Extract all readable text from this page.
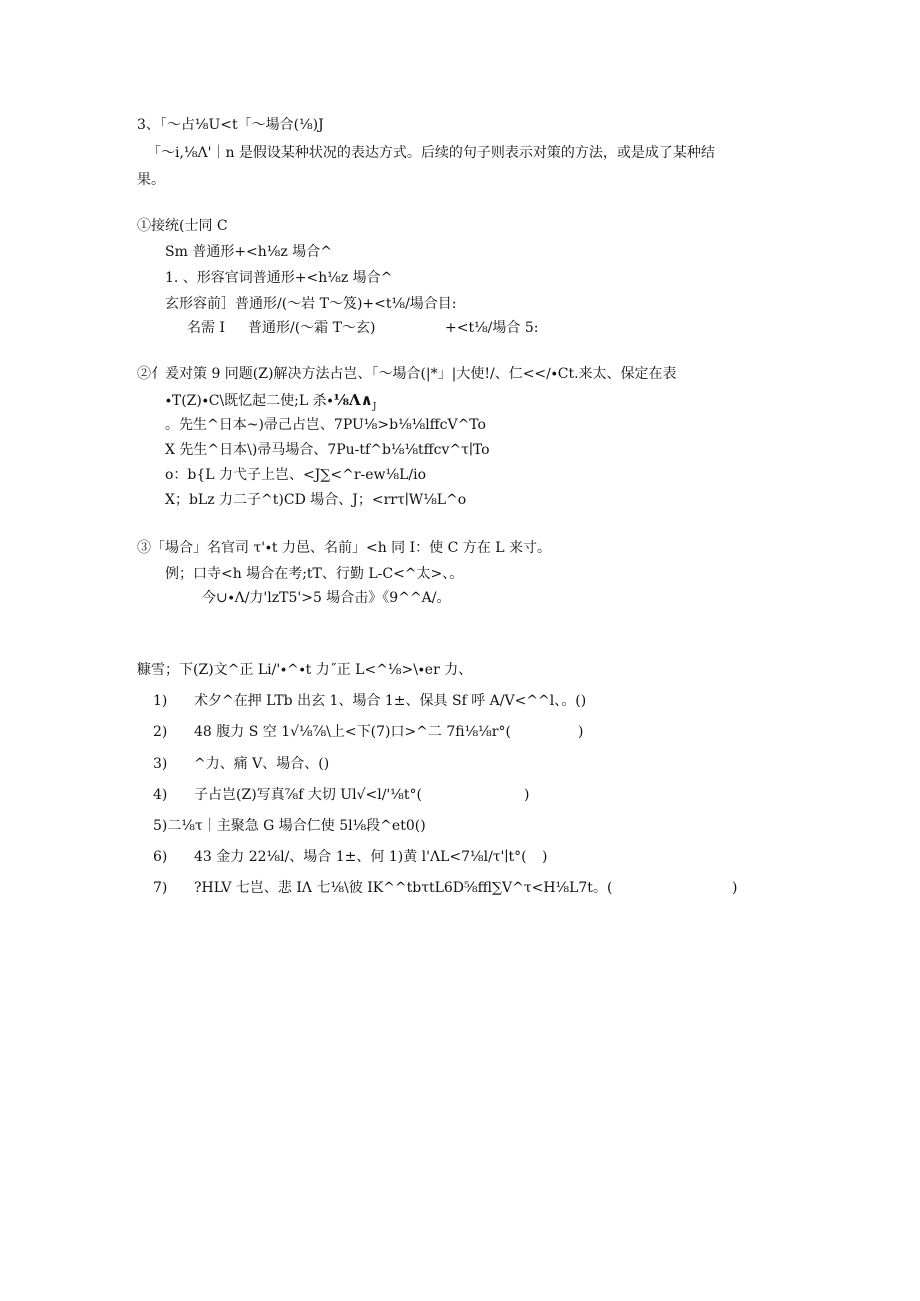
3、「～占⅛U<t「～場合(⅛)J
「～i,⅛Λ'｜n 是假设某种状况的表达方式。后续的句子则表示对策的方法，或是成了某种结
果。
①接统(士同 C
Sm 普通形+<h⅛z 場合^
1. 、形容官词普通形+<h⅛z 場合^
玄形容前］普通形/(～岩 T～笈)+<t⅛/場合目:
名需 I 普通形/(～霜 T～玄)	+<t⅛/場合 5:
②亻爰对策 9 冋题(Z)解决方法占岂、「～場合(|*」|大使!/、仁<<∕∙Ct.来太、保定在表
∙T(Z)∙C\既忆起二使;L 杀$\cdot\frac{1}{8}\Lambda\wedge_J$
。先生^日本~)帚己占岂、7PU⅛>b⅛⅛lffcV^To
X 先生^日本\)帚马場合、7Pu-tf^b⅛⅛tffcv^τ∣To
o：b{L 力弋子上岂、<J∑<^r-ew⅛L∕io
X；bLz 力二子^t)CD 場合、J；<rrτ∣W⅛L^o
③「場合」名官司 τ'∙t 力邑、名前」<h 同 I：使 C 方在 L 来寸。
例；口寺<h 場合在考;tT、行勤 L-C<^太>、。
今∪∙Λ∕力'lzT5'>5 場合击》《9^^A/。
糠雪；下(Z)文^正 Li/'∙^∙t 力˝正 L<^⅛>\∙er 力、
1) 术夕^在押 LTb 出玄 1、場合 1±、保具 Sf 呼 A∕V<^^l、。()
2) 48 腹力 S 空 1√⅛⅞\上<下(7)口>^二 7fi⅛⅛r°(	)
3) ^力、痛 V、場合、()
4) 子占岂(Z)写真⅞f 大切 Ul√<l∕'⅛t°(	)
5)二⅛τ｜主聚急 G 場合仁使 5l⅛段^et0()
6) 43 金力 22⅛l∕、場合 1±、何 1)黄 l'ΛL<7⅛l∕τ'∣t°( )
7) ?HLV 七岂、悲 IΛ 七⅛\彼 IK^^tbτtL6D⅝ffl∑V^τ<H⅛L7t。(	)
